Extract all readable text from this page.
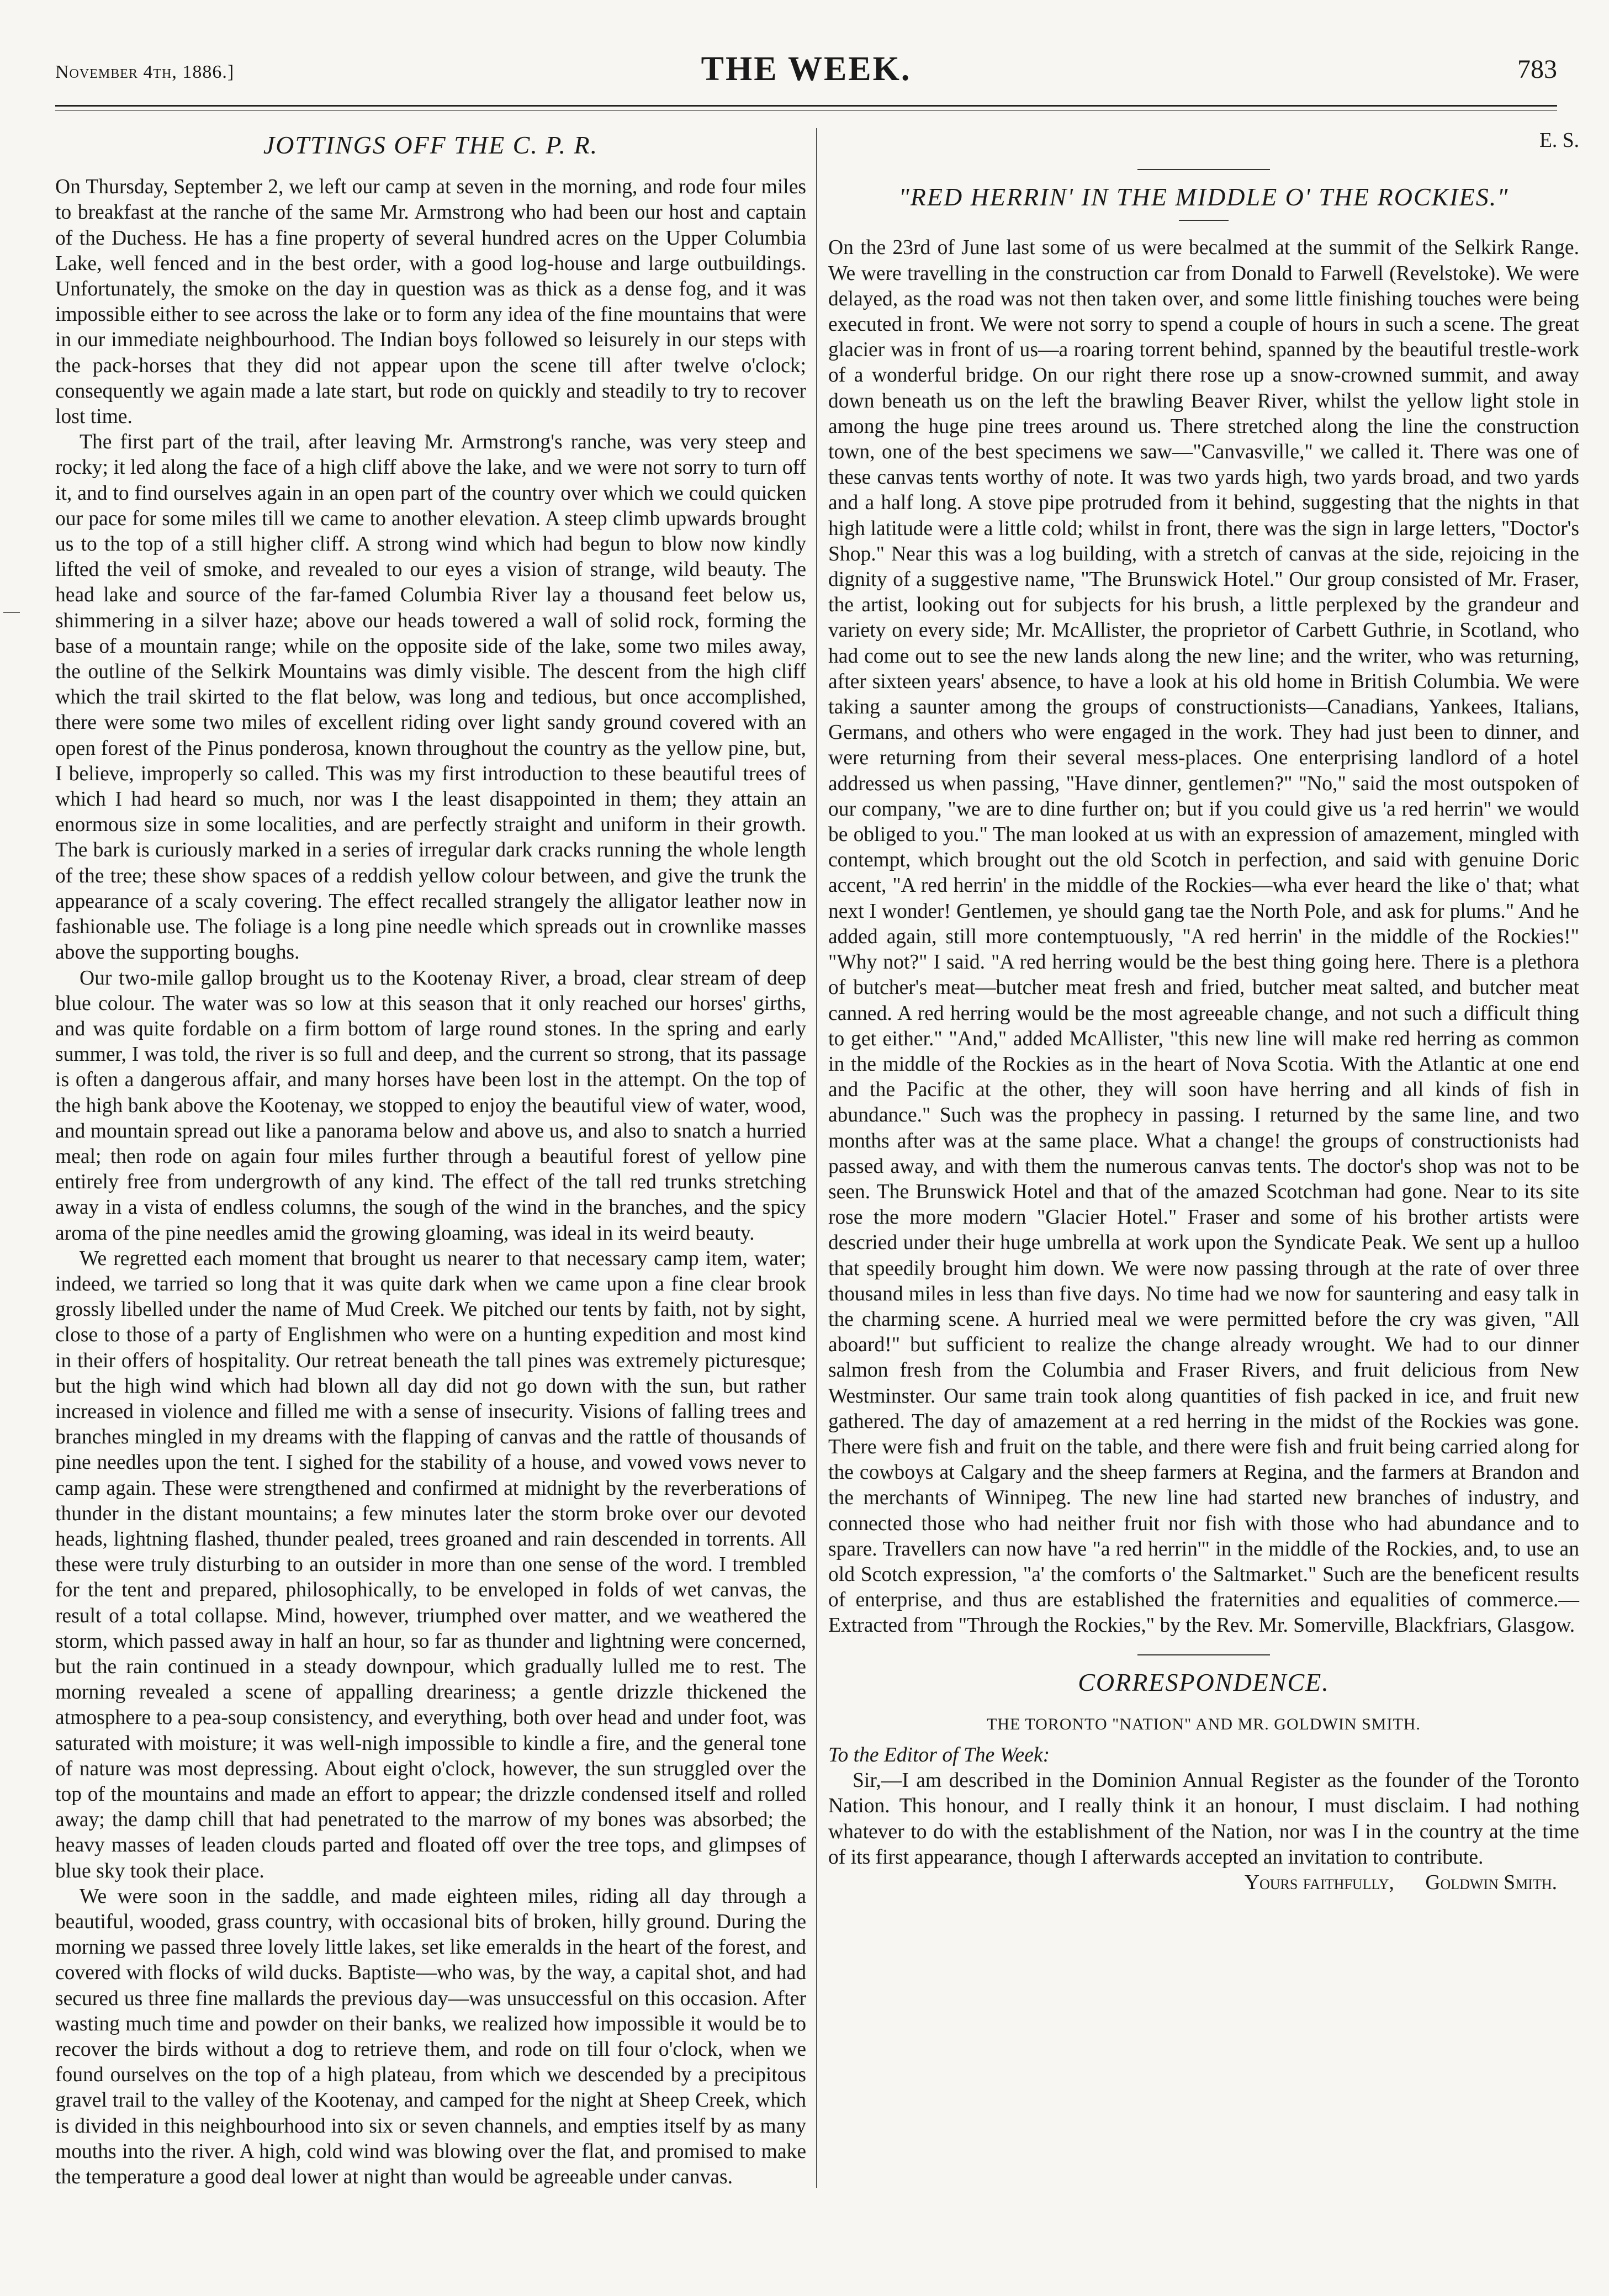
November 4th, 1886.]	THE WEEK.	783
JOTTINGS OFF THE C. P. R.

On Thursday, September 2, we left our camp at seven in the morning, and rode four miles to breakfast at the ranche of the same Mr. Armstrong who had been our host and captain of the Duchess. He has a fine property of several hundred acres on the Upper Columbia Lake, well fenced and in the best order, with a good log-house and large outbuildings. Unfortunately, the smoke on the day in question was as thick as a dense fog, and it was impossible either to see across the lake or to form any idea of the fine mountains that were in our immediate neighbourhood. The Indian boys followed so leisurely in our steps with the pack-horses that they did not appear upon the scene till after twelve o'clock; consequently we again made a late start, but rode on quickly and steadily to try to recover lost time.

The first part of the trail, after leaving Mr. Armstrong's ranche, was very steep and rocky; it led along the face of a high cliff above the lake, and we were not sorry to turn off it, and to find ourselves again in an open part of the country over which we could quicken our pace for some miles till we came to another elevation. A steep climb upwards brought us to the top of a still higher cliff. A strong wind which had begun to blow now kindly lifted the veil of smoke, and revealed to our eyes a vision of strange, wild beauty. The head lake and source of the far-famed Columbia River lay a thousand feet below us, shimmering in a silver haze; above our heads towered a wall of solid rock, forming the base of a mountain range; while on the opposite side of the lake, some two miles away, the outline of the Selkirk Mountains was dimly visible. The descent from the high cliff which the trail skirted to the flat below, was long and tedious, but once accomplished, there were some two miles of excellent riding over light sandy ground covered with an open forest of the Pinus ponderosa, known throughout the country as the yellow pine, but, I believe, improperly so called. This was my first introduction to these beautiful trees of which I had heard so much, nor was I the least disappointed in them; they attain an enormous size in some localities, and are perfectly straight and uniform in their growth. The bark is curiously marked in a series of irregular dark cracks running the whole length of the tree; these show spaces of a reddish yellow colour between, and give the trunk the appearance of a scaly covering. The effect recalled strangely the alligator leather now in fashionable use. The foliage is a long pine needle which spreads out in crownlike masses above the supporting boughs.

Our two-mile gallop brought us to the Kootenay River, a broad, clear stream of deep blue colour. The water was so low at this season that it only reached our horses' girths, and was quite fordable on a firm bottom of large round stones. In the spring and early summer, I was told, the river is so full and deep, and the current so strong, that its passage is often a dangerous affair, and many horses have been lost in the attempt. On the top of the high bank above the Kootenay, we stopped to enjoy the beautiful view of water, wood, and mountain spread out like a panorama below and above us, and also to snatch a hurried meal; then rode on again four miles further through a beautiful forest of yellow pine entirely free from undergrowth of any kind. The effect of the tall red trunks stretching away in a vista of endless columns, the sough of the wind in the branches, and the spicy aroma of the pine needles amid the growing gloaming, was ideal in its weird beauty.

We regretted each moment that brought us nearer to that necessary camp item, water; indeed, we tarried so long that it was quite dark when we came upon a fine clear brook grossly libelled under the name of Mud Creek. We pitched our tents by faith, not by sight, close to those of a party of Englishmen who were on a hunting expedition and most kind in their offers of hospitality. Our retreat beneath the tall pines was extremely picturesque; but the high wind which had blown all day did not go down with the sun, but rather increased in violence and filled me with a sense of insecurity. Visions of falling trees and branches mingled in my dreams with the flapping of canvas and the rattle of thousands of pine needles upon the tent. I sighed for the stability of a house, and vowed vows never to camp again. These were strengthened and confirmed at midnight by the reverberations of thunder in the distant mountains; a few minutes later the storm broke over our devoted heads, lightning flashed, thunder pealed, trees groaned and rain descended in torrents. All these were truly disturbing to an outsider in more than one sense of the word. I trembled for the tent and prepared, philosophically, to be enveloped in folds of wet canvas, the result of a total collapse. Mind, however, triumphed over matter, and we weathered the storm, which passed away in half an hour, so far as thunder and lightning were concerned, but the rain continued in a steady downpour, which gradually lulled me to rest. The morning revealed a scene of appalling dreariness; a gentle drizzle thickened the atmosphere to a pea-soup consistency, and everything, both over head and under foot, was saturated with moisture; it was well-nigh impossible to kindle a fire, and the general tone of nature was most depressing. About eight o'clock, however, the sun struggled over the top of the mountains and made an effort to appear; the drizzle condensed itself and rolled away; the damp chill that had penetrated to the marrow of my bones was absorbed; the heavy masses of leaden clouds parted and floated off over the tree tops, and glimpses of blue sky took their place.

We were soon in the saddle, and made eighteen miles, riding all day through a beautiful, wooded, grass country, with occasional bits of broken, hilly ground. During the morning we passed three lovely little lakes, set like emeralds in the heart of the forest, and covered with flocks of wild ducks. Baptiste—who was, by the way, a capital shot, and had secured us three fine mallards the previous day—was unsuccessful on this occasion. After wasting much time and powder on their banks, we realized how impossible it would be to recover the birds without a dog to retrieve them, and rode on till four o'clock, when we found ourselves on the top of a high plateau, from which we descended by a precipitous gravel trail to the valley of the Kootenay, and camped for the night at Sheep Creek, which is divided in this neighbourhood into six or seven channels, and empties itself by as many mouths into the river. A high, cold wind was blowing over the flat, and promised to make the temperature a good deal lower at night than would be agreeable under canvas.

E. S.
"RED HERRIN' IN THE MIDDLE O' THE ROCKIES."

On the 23rd of June last some of us were becalmed at the summit of the Selkirk Range. We were travelling in the construction car from Donald to Farwell (Revelstoke). We were delayed, as the road was not then taken over, and some little finishing touches were being executed in front. We were not sorry to spend a couple of hours in such a scene. The great glacier was in front of us—a roaring torrent behind, spanned by the beautiful trestle-work of a wonderful bridge. On our right there rose up a snow-crowned summit, and away down beneath us on the left the brawling Beaver River, whilst the yellow light stole in among the huge pine trees around us. There stretched along the line the construction town, one of the best specimens we saw—"Canvasville," we called it. There was one of these canvas tents worthy of note. It was two yards high, two yards broad, and two yards and a half long. A stove pipe protruded from it behind, suggesting that the nights in that high latitude were a little cold; whilst in front, there was the sign in large letters, "Doctor's Shop." Near this was a log building, with a stretch of canvas at the side, rejoicing in the dignity of a suggestive name, "The Brunswick Hotel." Our group consisted of Mr. Fraser, the artist, looking out for subjects for his brush, a little perplexed by the grandeur and variety on every side; Mr. McAllister, the proprietor of Carbett Guthrie, in Scotland, who had come out to see the new lands along the new line; and the writer, who was returning, after sixteen years' absence, to have a look at his old home in British Columbia. We were taking a saunter among the groups of constructionists—Canadians, Yankees, Italians, Germans, and others who were engaged in the work. They had just been to dinner, and were returning from their several mess-places. One enterprising landlord of a hotel addressed us when passing, "Have dinner, gentlemen?" "No," said the most outspoken of our company, "we are to dine further on; but if you could give us 'a red herrin'' we would be obliged to you." The man looked at us with an expression of amazement, mingled with contempt, which brought out the old Scotch in perfection, and said with genuine Doric accent, "A red herrin' in the middle of the Rockies—wha ever heard the like o' that; what next I wonder! Gentlemen, ye should gang tae the North Pole, and ask for plums." And he added again, still more contemptuously, "A red herrin' in the middle of the Rockies!" "Why not?" I said. "A red herring would be the best thing going here. There is a plethora of butcher's meat—butcher meat fresh and fried, butcher meat salted, and butcher meat canned. A red herring would be the most agreeable change, and not such a difficult thing to get either." "And," added McAllister, "this new line will make red herring as common in the middle of the Rockies as in the heart of Nova Scotia. With the Atlantic at one end and the Pacific at the other, they will soon have herring and all kinds of fish in abundance." Such was the prophecy in passing. I returned by the same line, and two months after was at the same place. What a change! the groups of constructionists had passed away, and with them the numerous canvas tents. The doctor's shop was not to be seen. The Brunswick Hotel and that of the amazed Scotchman had gone. Near to its site rose the more modern "Glacier Hotel." Fraser and some of his brother artists were descried under their huge umbrella at work upon the Syndicate Peak. We sent up a hulloo that speedily brought him down. We were now passing through at the rate of over three thousand miles in less than five days. No time had we now for sauntering and easy talk in the charming scene. A hurried meal we were permitted before the cry was given, "All aboard!" but sufficient to realize the change already wrought. We had to our dinner salmon fresh from the Columbia and Fraser Rivers, and fruit delicious from New Westminster. Our same train took along quantities of fish packed in ice, and fruit new gathered. The day of amazement at a red herring in the midst of the Rockies was gone. There were fish and fruit on the table, and there were fish and fruit being carried along for the cowboys at Calgary and the sheep farmers at Regina, and the farmers at Brandon and the merchants of Winnipeg. The new line had started new branches of industry, and connected those who had neither fruit nor fish with those who had abundance and to spare. Travellers can now have "a red herrin'" in the middle of the Rockies, and, to use an old Scotch expression, "a' the comforts o' the Saltmarket." Such are the beneficent results of enterprise, and thus are established the fraternities and equalities of commerce.—Extracted from "Through the Rockies," by the Rev. Mr. Somerville, Blackfriars, Glasgow.

CORRESPONDENCE.
THE TORONTO "NATION" AND MR. GOLDWIN SMITH.
To the Editor of The Week:

Sir,—I am described in the Dominion Annual Register as the founder of the Toronto Nation. This honour, and I really think it an honour, I must disclaim. I had nothing whatever to do with the establishment of the Nation, nor was I in the country at the time of its first appearance, though I afterwards accepted an invitation to contribute.

Yours faithfully, Goldwin Smith.
